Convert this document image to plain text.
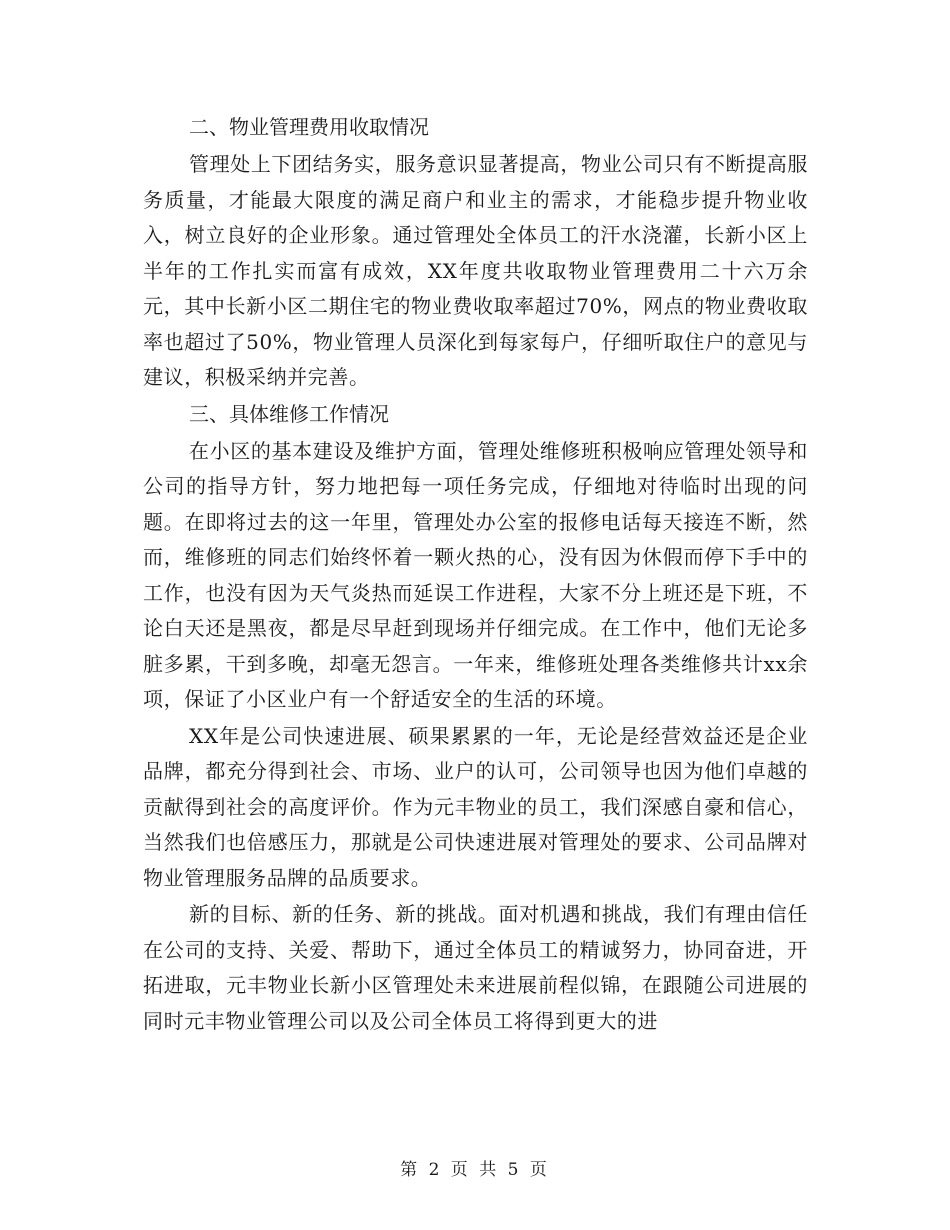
二、物业管理费用收取情况

管理处上下团结务实，服务意识显著提高，物业公司只有不断提高服务质量，才能最大限度的满足商户和业主的需求，才能稳步提升物业收入，树立良好的企业形象。通过管理处全体员工的汗水浇灌，长新小区上半年的工作扎实而富有成效，XX年度共收取物业管理费用二十六万余元，其中长新小区二期住宅的物业费收取率超过70%，网点的物业费收取率也超过了50%，物业管理人员深化到每家每户，仔细听取住户的意见与建议，积极采纳并完善。

三、具体维修工作情况

在小区的基本建设及维护方面，管理处维修班积极响应管理处领导和公司的指导方针，努力地把每一项任务完成，仔细地对待临时出现的问题。在即将过去的这一年里，管理处办公室的报修电话每天接连不断，然而，维修班的同志们始终怀着一颗火热的心，没有因为休假而停下手中的工作，也没有因为天气炎热而延误工作进程，大家不分上班还是下班，不论白天还是黑夜，都是尽早赶到现场并仔细完成。在工作中，他们无论多脏多累，干到多晚，却毫无怨言。一年来，维修班处理各类维修共计xx余项，保证了小区业户有一个舒适安全的生活的环境。

XX年是公司快速进展、硕果累累的一年，无论是经营效益还是企业品牌，都充分得到社会、市场、业户的认可，公司领导也因为他们卓越的贡献得到社会的高度评价。作为元丰物业的员工，我们深感自豪和信心，当然我们也倍感压力，那就是公司快速进展对管理处的要求、公司品牌对物业管理服务品牌的品质要求。

新的目标、新的任务、新的挑战。面对机遇和挑战，我们有理由信任在公司的支持、关爱、帮助下，通过全体员工的精诚努力，协同奋进，开拓进取，元丰物业长新小区管理处未来进展前程似锦，在跟随公司进展的同时元丰物业管理公司以及公司全体员工将得到更大的进

第 2 页 共 5 页
